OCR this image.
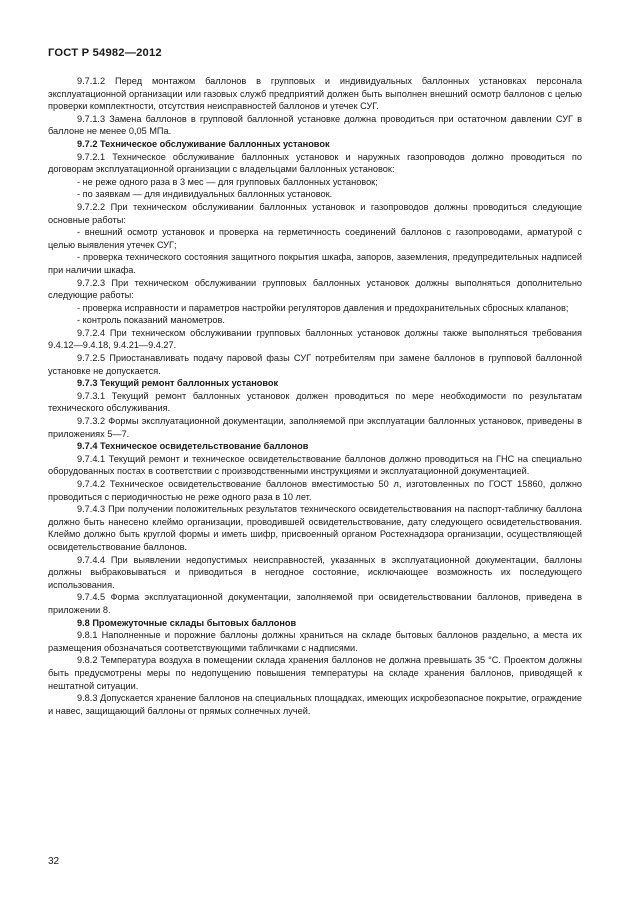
ГОСТ Р 54982—2012

9.7.1.2 Перед монтажом баллонов в групповых и индивидуальных баллонных установках персонала эксплуатационной организации или газовых служб предприятий должен быть выполнен внешний осмотр баллонов с целью проверки комплектности, отсутствия неисправностей баллонов и утечек СУГ.

9.7.1.3 Замена баллонов в групповой баллонной установке должна проводиться при остаточном давлении СУГ в баллоне не менее 0,05 МПа.

9.7.2 Техническое обслуживание баллонных установок

9.7.2.1 Техническое обслуживание баллонных установок и наружных газопроводов должно проводиться по договорам эксплуатационной организации с владельцами баллонных установок:

- не реже одного раза в 3 мес — для групповых баллонных установок;

- по заявкам — для индивидуальных баллонных установок.

9.7.2.2 При техническом обслуживании баллонных установок и газопроводов должны проводиться следующие основные работы:

- внешний осмотр установок и проверка на герметичность соединений баллонов с газопроводами, арматурой с целью выявления утечек СУГ;

- проверка технического состояния защитного покрытия шкафа, запоров, заземления, предупредительных надписей при наличии шкафа.

9.7.2.3 При техническом обслуживании групповых баллонных установок должны выполняться дополнительно следующие работы:

- проверка исправности и параметров настройки регуляторов давления и предохранительных сбросных клапанов;

- контроль показаний манометров.

9.7.2.4 При техническом обслуживании групповых баллонных установок должны также выполняться требования 9.4.12—9.4.18, 9.4.21—9.4.27.

9.7.2.5 Приостанавливать подачу паровой фазы СУГ потребителям при замене баллонов в групповой баллонной установке не допускается.

9.7.3 Текущий ремонт баллонных установок

9.7.3.1 Текущий ремонт баллонных установок должен проводиться по мере необходимости по результатам технического обслуживания.

9.7.3.2 Формы эксплуатационной документации, заполняемой при эксплуатации баллонных установок, приведены в приложениях 5—7.

9.7.4 Техническое освидетельствование баллонов

9.7.4.1 Текущий ремонт и техническое освидетельствование баллонов должно проводиться на ГНС на специально оборудованных постах в соответствии с производственными инструкциями и эксплуатационной документацией.

9.7.4.2 Техническое освидетельствование баллонов вместимостью 50 л, изготовленных по ГОСТ 15860, должно проводиться с периодичностью не реже одного раза в 10 лет.

9.7.4.3 При получении положительных результатов технического освидетельствования на паспорт-табличку баллона должно быть нанесено клеймо организации, проводившей освидетельствование, дату следующего освидетельствования. Клеймо должно быть круглой формы и иметь шифр, присвоенный органом Ростехнадзора организации, осуществляющей освидетельствование баллонов.

9.7.4.4 При выявлении недопустимых неисправностей, указанных в эксплуатационной документации, баллоны должны выбраковываться и приводиться в негодное состояние, исключающее возможность их последующего использования.

9.7.4.5 Форма эксплуатационной документации, заполняемой при освидетельствовании баллонов, приведена в приложении 8.

9.8 Промежуточные склады бытовых баллонов

9.8.1 Наполненные и порожние баллоны должны храниться на складе бытовых баллонов раздельно, а места их размещения обозначаться соответствующими табличками с надписями.

9.8.2 Температура воздуха в помещении склада хранения баллонов не должна превышать 35 °С. Проектом должны быть предусмотрены меры по недопущению повышения температуры на складе хранения баллонов, приводящей к нештатной ситуации.

9.8.3 Допускается хранение баллонов на специальных площадках, имеющих искробезопасное покрытие, ограждение и навес, защищающий баллоны от прямых солнечных лучей.

32
